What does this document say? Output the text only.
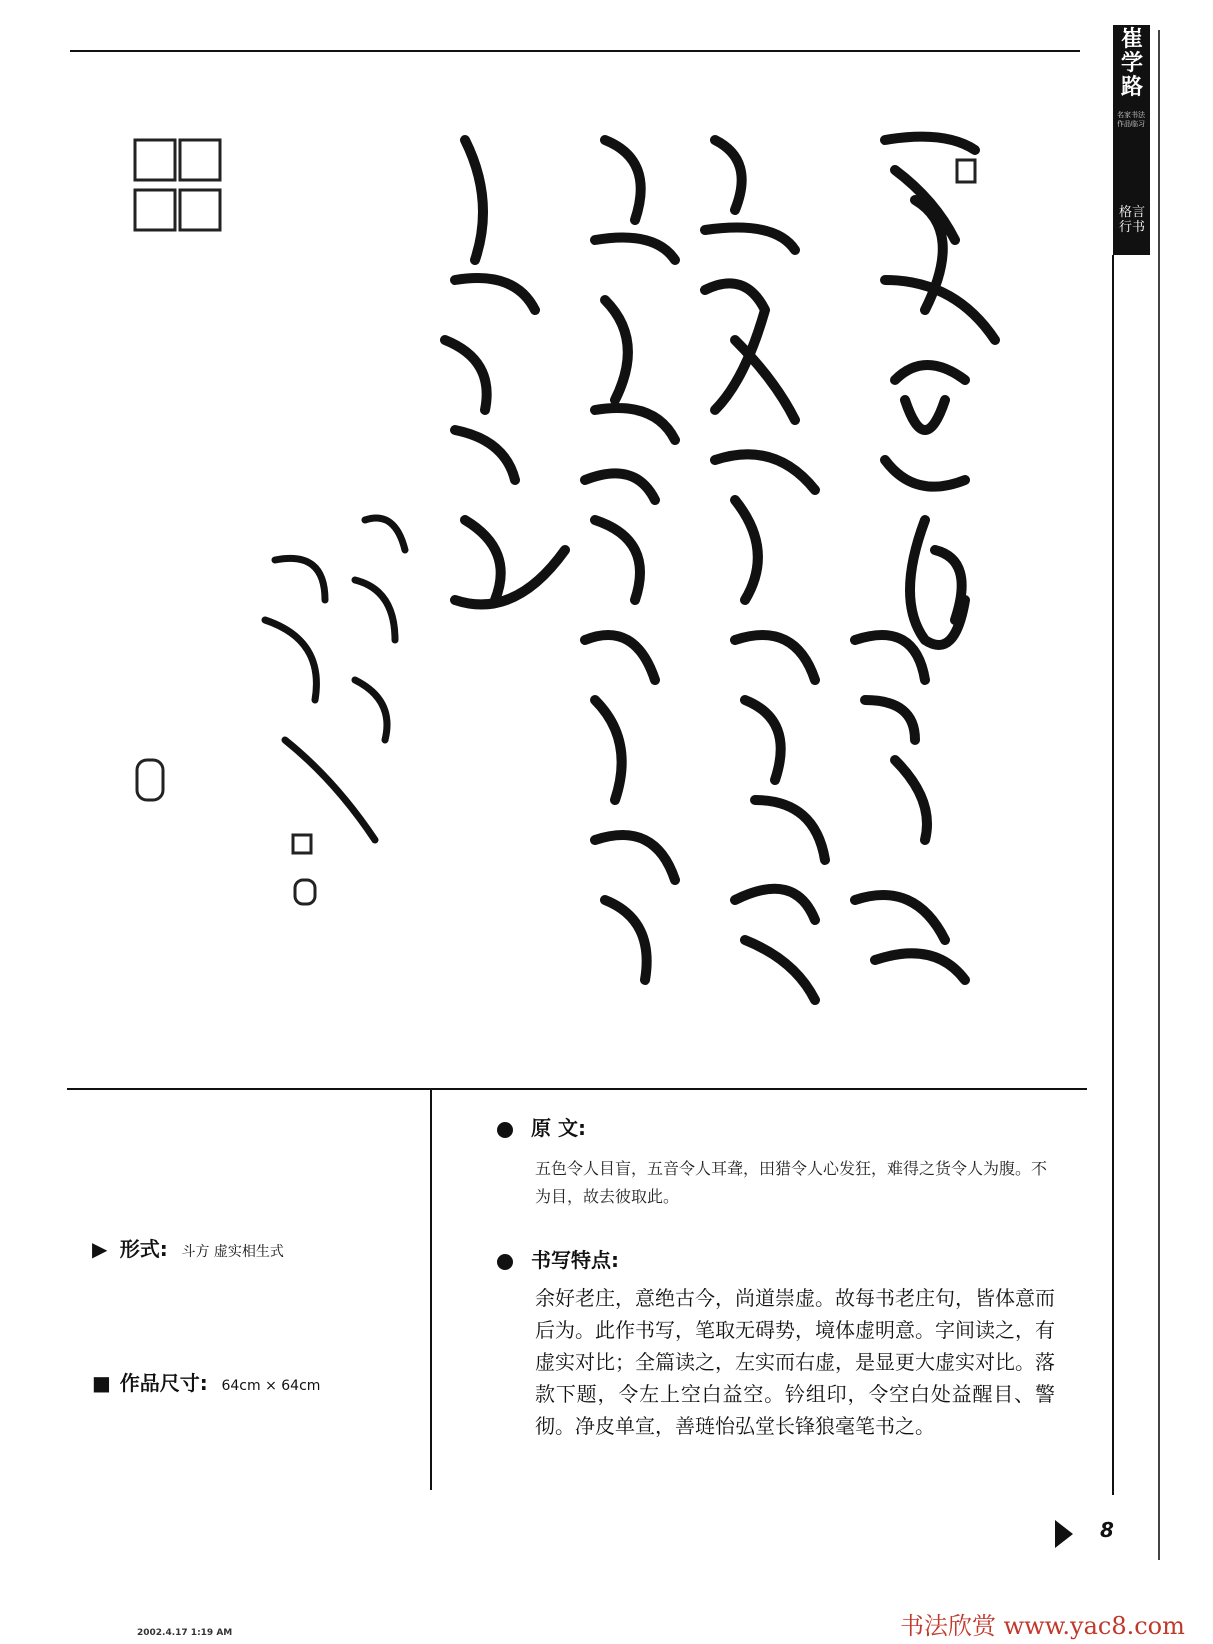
崔学路
名家书法作品临习
格言 行书
▶ 形式: 斗方 虚实相生式
■ 作品尺寸: 64cm × 64cm
原 文:
五色令人目盲，五音令人耳聋，田猎令人心发狂，难得之货令人为腹。不为目，故去彼取此。
书写特点:
余好老庄，意绝古今，尚道崇虚。故每书老庄句，皆体意而后为。此作书写，笔取无碍势，境体虚明意。字间读之，有虚实对比；全篇读之，左实而右虚，是显更大虚实对比。落款下题，令左上空白益空。钤组印，令空白处益醒目、警彻。净皮单宣，善琏怡弘堂长锋狼毫笔书之。
8
2002.4.17 1:19 AM	书法欣赏 www.yac8.com
